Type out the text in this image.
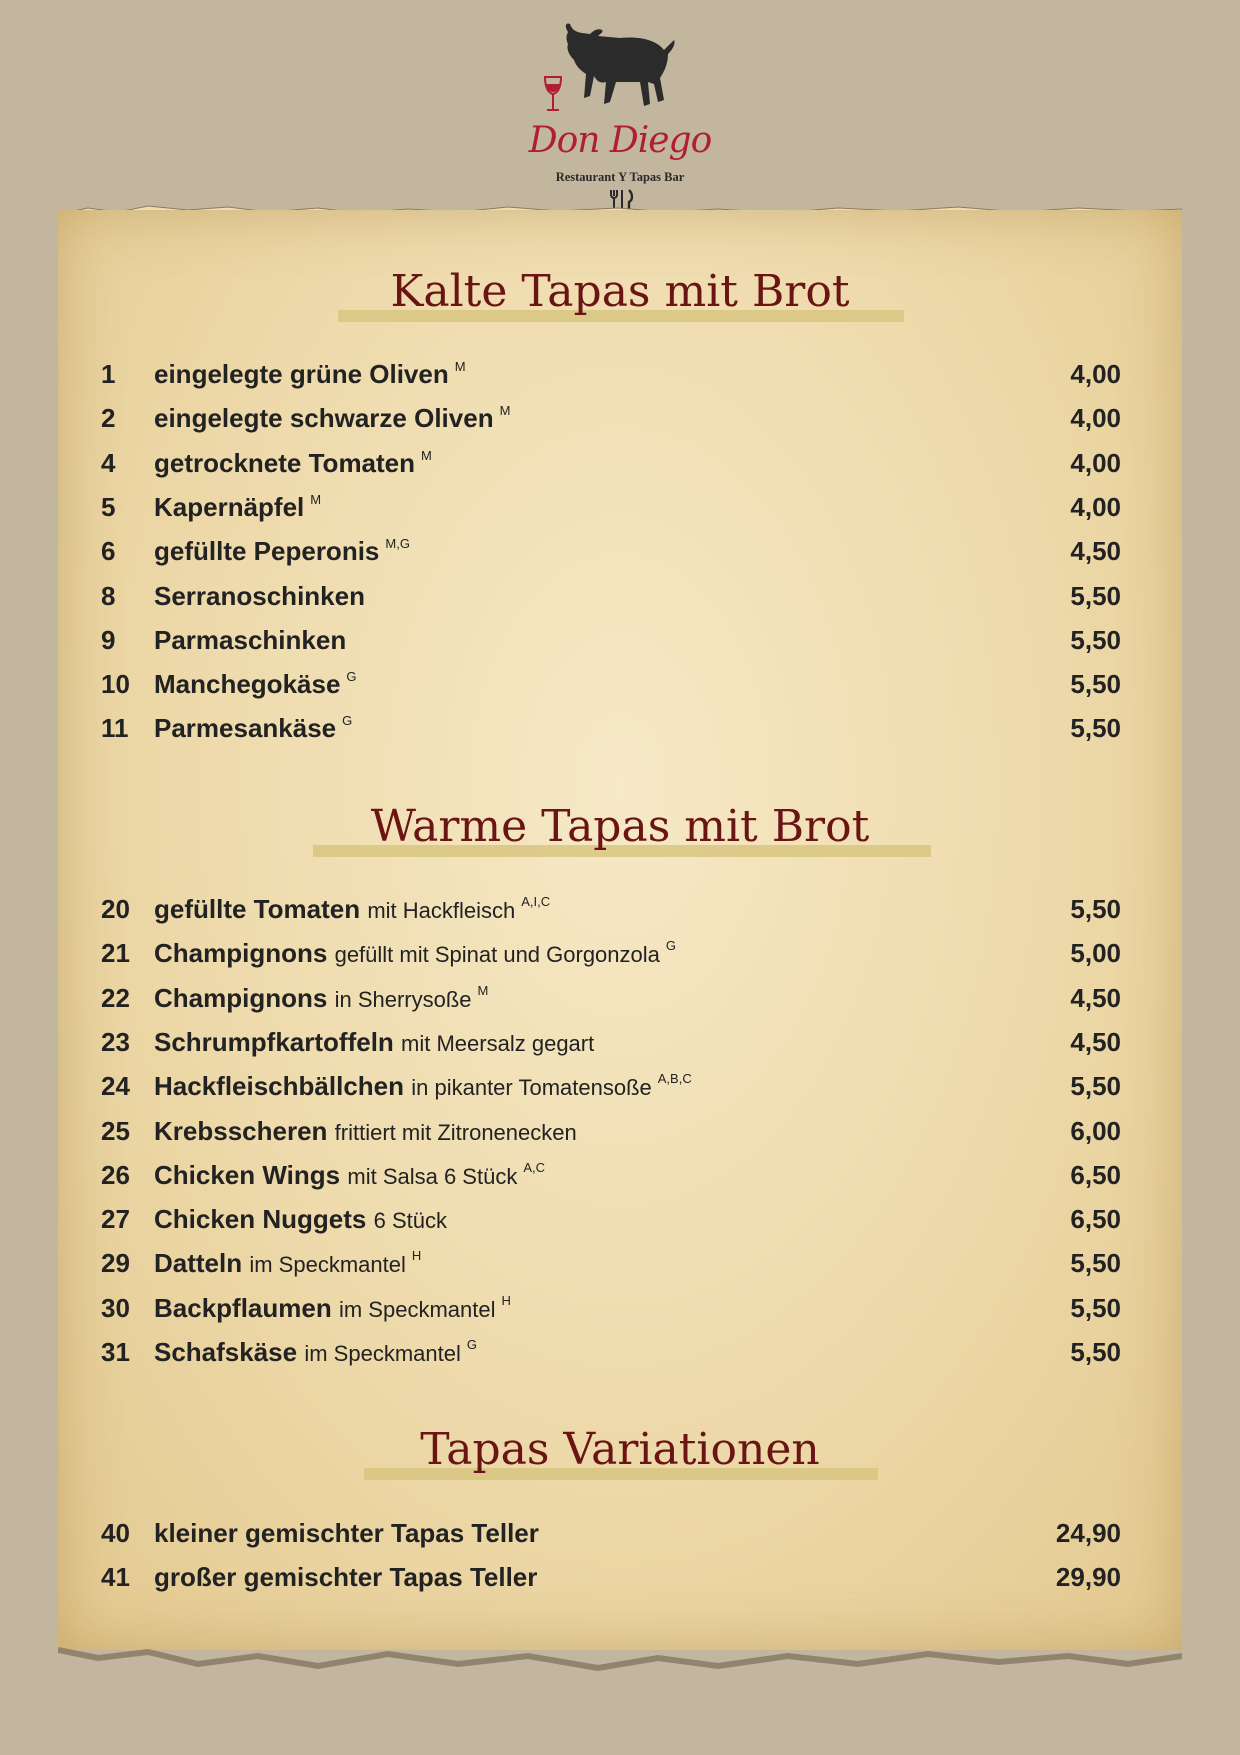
Don Diego
Restaurant Y Tapas Bar
Kalte Tapas mit Brot
Warme Tapas mit Brot
Tapas Variationen
1 eingelegte grüne Oliven $^M$	4,00
2 eingelegte schwarze Oliven $^M$	4,00
4 getrocknete Tomaten $^M$	4,00
5 Kapernäpfel $^M$	4,00
6 gefüllte Peperonis $^{M,G}$	4,50
8 Serranoschinken	5,50
9 Parmaschinken	5,50
10 Manchegokäse $^G$	5,50
11 Parmesankäse $^G$	5,50
20 gefüllte Tomaten mit Hackfleisch $^{A,I,C}$	5,50
21 Champignons gefüllt mit Spinat und Gorgonzola $^G$	5,00
22 Champignons in Sherrysoße $^M$	4,50
23 Schrumpfkartoffeln mit Meersalz gegart	4,50
24 Hackfleischbällchen in pikanter Tomatensoße $^{A,B,C}$	5,50
25 Krebsscheren frittiert mit Zitronenecken	6,00
26 Chicken Wings mit Salsa 6 Stück $^{A,C}$	6,50
27 Chicken Nuggets 6 Stück	6,50
29 Datteln im Speckmantel $^H$	5,50
30 Backpflaumen im Speckmantel $^H$	5,50
31 Schafskäse im Speckmantel $^G$	5,50
40 kleiner gemischter Tapas Teller	24,90
41 großer gemischter Tapas Teller	29,90
